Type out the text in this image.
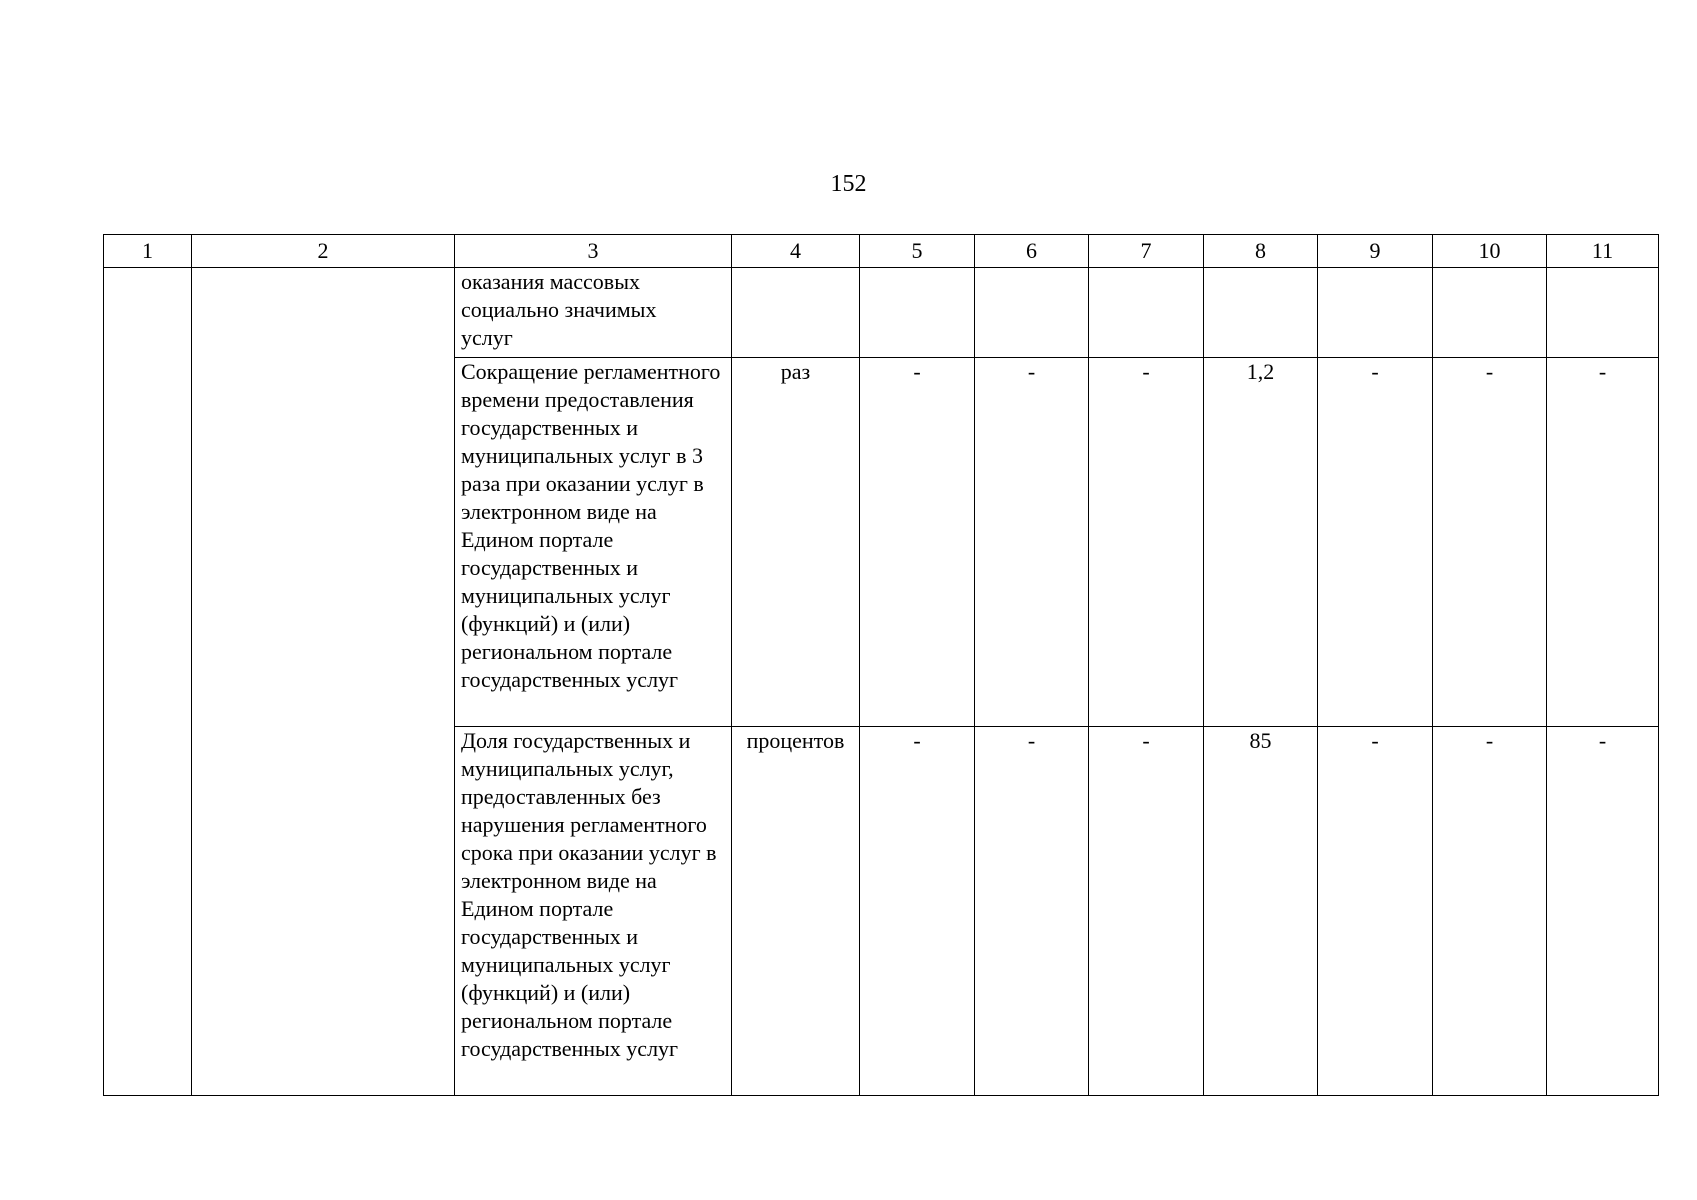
152
1	2	3	4	5	6	7	8	9	10	11
		оказания массовых
социально значимых
услуг								
		Сокращение регламентного времени предоставления государственных и муниципальных услуг в 3 раза при оказании услуг в электронном виде на Едином портале государственных и муниципальных услуг (функций) и (или) региональном портале государственных услуг	раз	-	-	-	1,2	-	-	-
		Доля государственных и муниципальных услуг, предоставленных без нарушения регламентного срока при оказании услуг в электронном виде на Едином портале государственных и муниципальных услуг (функций) и (или) региональном портале государственных услуг	процентов	-	-	-	85	-	-	-
